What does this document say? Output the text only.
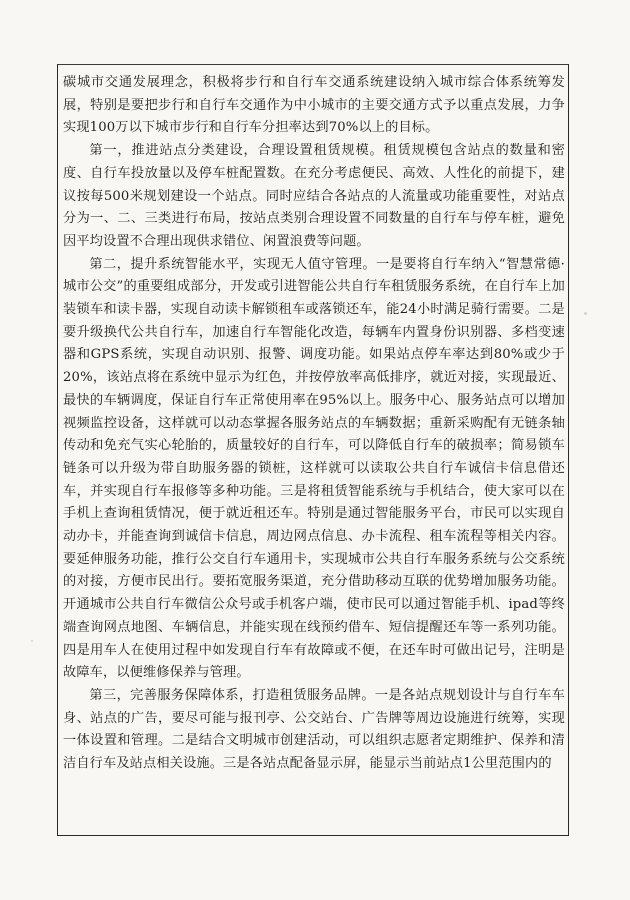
碳城市交通发展理念，积极将步行和自行车交通系统建设纳入城市综合体系统筹发展，特别是要把步行和自行车交通作为中小城市的主要交通方式予以重点发展，力争实现100万以下城市步行和自行车分担率达到70%以上的目标。

第一，推进站点分类建设，合理设置租赁规模。租赁规模包含站点的数量和密度、自行车投放量以及停车桩配置数。在充分考虑便民、高效、人性化的前提下，建议按每500米规划建设一个站点。同时应结合各站点的人流量或功能重要性，对站点分为一、二、三类进行布局，按站点类别合理设置不同数量的自行车与停车桩，避免因平均设置不合理出现供求错位、闲置浪费等问题。

第二，提升系统智能水平，实现无人值守管理。一是要将自行车纳入“智慧常德·城市公交”的重要组成部分，开发或引进智能公共自行车租赁服务系统，在自行车上加装锁车和读卡器，实现自动读卡解锁租车或落锁还车，能24小时满足骑行需要。二是要升级换代公共自行车，加速自行车智能化改造，每辆车内置身份识别器、多档变速器和GPS系统，实现自动识别、报警、调度功能。如果站点停车率达到80%或少于20%，该站点将在系统中显示为红色，并按停放率高低排序，就近对接，实现最近、最快的车辆调度，保证自行车正常使用率在95%以上。服务中心、服务站点可以增加视频监控设备，这样就可以动态掌握各服务站点的车辆数据；重新采购配有无链条轴传动和免充气实心轮胎的，质量较好的自行车，可以降低自行车的破损率；简易锁车链条可以升级为带自助服务器的锁桩，这样就可以读取公共自行车诚信卡信息借还车，并实现自行车报修等多种功能。三是将租赁智能系统与手机结合，使大家可以在手机上查询租赁情况，便于就近租还车。特别是通过智能服务平台，市民可以实现自动办卡，并能查询到诚信卡信息，周边网点信息、办卡流程、租车流程等相关内容。要延伸服务功能，推行公交自行车通用卡，实现城市公共自行车服务系统与公交系统的对接，方便市民出行。要拓宽服务渠道，充分借助移动互联的优势增加服务功能。开通城市公共自行车微信公众号或手机客户端，使市民可以通过智能手机、ipad等终端查询网点地图、车辆信息，并能实现在线预约借车、短信提醒还车等一系列功能。四是用车人在使用过程中如发现自行车有故障或不便，在还车时可做出记号，注明是故障车，以便维修保养与管理。

第三，完善服务保障体系，打造租赁服务品牌。一是各站点规划设计与自行车车身、站点的广告，要尽可能与报刊亭、公交站台、广告牌等周边设施进行统筹，实现一体设置和管理。二是结合文明城市创建活动，可以组织志愿者定期维护、保养和清洁自行车及站点相关设施。三是各站点配备显示屏，能显示当前站点1公里范围内的
